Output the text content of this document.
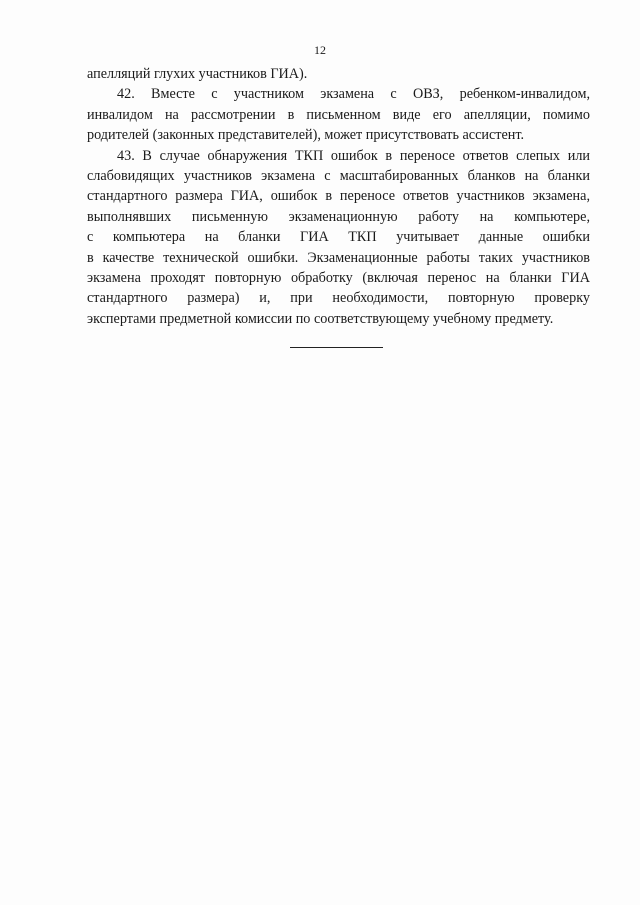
12
апелляций глухих участников ГИА).
42. Вместе с участником экзамена с ОВЗ, ребенком-инвалидом,
инвалидом на рассмотрении в письменном виде его апелляции, помимо
родителей (законных представителей), может присутствовать ассистент.
43. В случае обнаружения ТКП ошибок в переносе ответов слепых или
слабовидящих участников экзамена с масштабированных бланков на бланки
стандартного размера ГИА, ошибок в переносе ответов участников экзамена,
выполнявших письменную экзаменационную работу на компьютере,
с компьютера на бланки ГИА ТКП учитывает данные ошибки
в качестве технической ошибки. Экзаменационные работы таких участников
экзамена проходят повторную обработку (включая перенос на бланки ГИА
стандартного размера) и, при необходимости, повторную проверку
экспертами предметной комиссии по соответствующему учебному предмету.
